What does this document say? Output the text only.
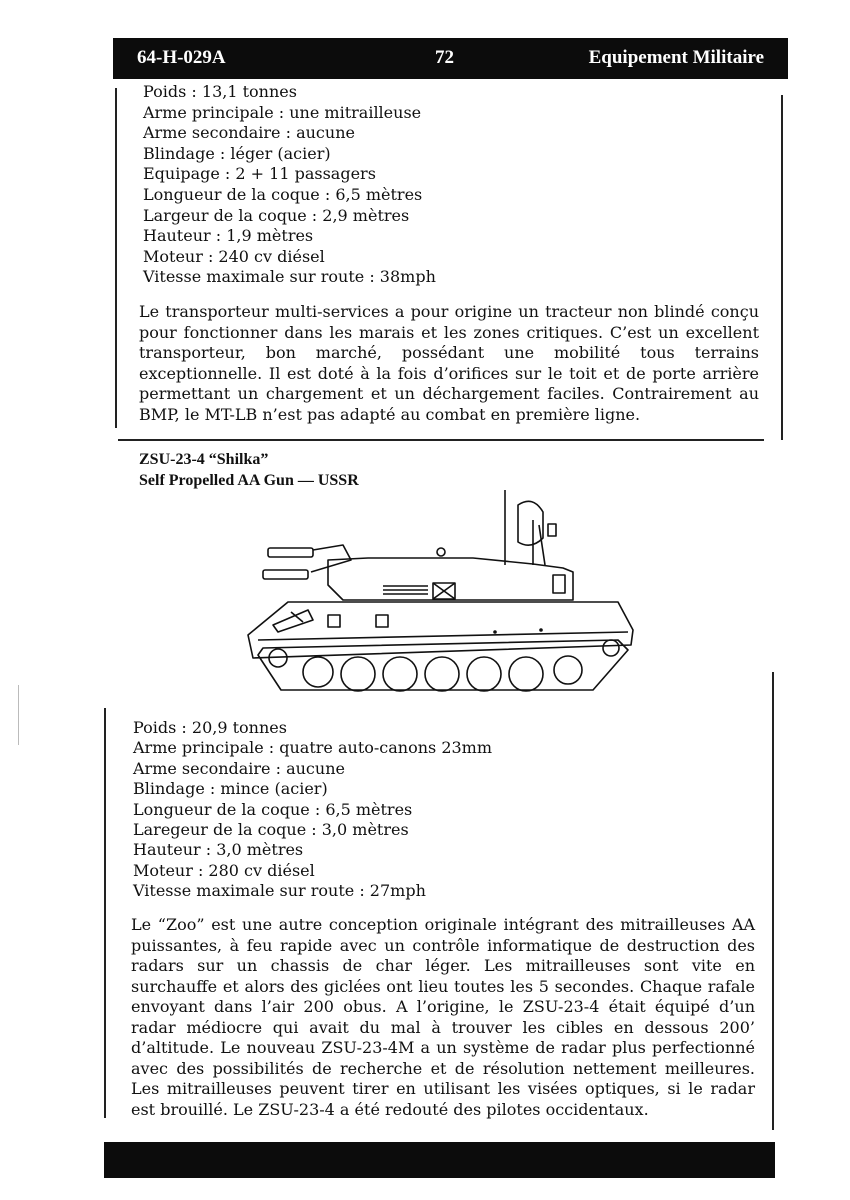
64-H-029A	72	Equipement Militaire
Poids : 13,1 tonnes
Arme principale : une mitrailleuse
Arme secondaire : aucune
Blindage : léger (acier)
Equipage : 2 + 11 passagers
Longueur de la coque : 6,5 mètres
Largeur de la coque : 2,9 mètres
Hauteur : 1,9 mètres
Moteur : 240 cv diésel
Vitesse maximale sur route : 38mph
Le transporteur multi-services a pour origine un tracteur non blindé conçu pour fonctionner dans les marais et les zones critiques. C’est un excellent transporteur, bon marché, possédant une mobilité tous terrains exceptionnelle. Il est doté à la fois d’orifices sur le toit et de porte arrière permettant un chargement et un déchargement faciles. Contrairement au BMP, le MT-LB n’est pas adapté au combat en première ligne.
ZSU-23-4 “Shilka”
Self Propelled AA Gun — USSR
Poids : 20,9 tonnes
Arme principale : quatre auto-canons 23mm
Arme secondaire : aucune
Blindage : mince (acier)
Longueur de la coque : 6,5 mètres
Laregeur de la coque : 3,0 mètres
Hauteur : 3,0 mètres
Moteur : 280 cv diésel
Vitesse maximale sur route : 27mph
Le “Zoo” est une autre conception originale intégrant des mitrailleuses AA puissantes, à feu rapide avec un contrôle informatique de destruction des radars sur un chassis de char léger. Les mitrailleuses sont vite en surchauffe et alors des giclées ont lieu toutes les 5 secondes. Chaque rafale envoyant dans l’air 200 obus. A l’origine, le ZSU-23-4 était équipé d’un radar médiocre qui avait du mal à trouver les cibles en dessous 200’ d’altitude. Le nouveau ZSU-23-4M a un système de radar plus perfectionné avec des possibilités de recherche et de résolution nettement meilleures. Les mitrailleuses peuvent tirer en utilisant les visées optiques, si le radar est brouillé. Le ZSU-23-4 a été redouté des pilotes occidentaux.
